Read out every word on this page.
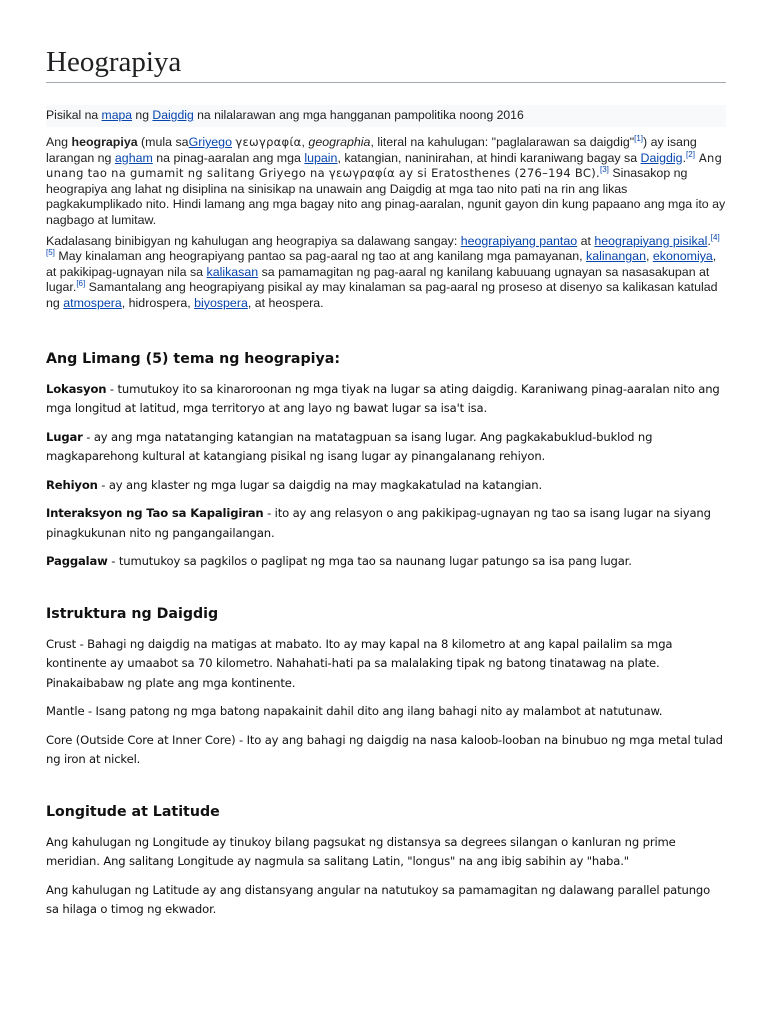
Heograpiya
Pisikal na mapa ng Daigdig na nilalarawan ang mga hangganan pampolitika noong 2016

Ang heograpiya (mula saGriyego γεωγραφία, geographia, literal na kahulugan: "paglalarawan sa daigdig"[1]) ay isang larangan ng agham na pinag-aaralan ang mga lupain, katangian, naninirahan, at hindi karaniwang bagay sa Daigdig.[2] Ang unang tao na gumamit ng salitang Griyego na γεωγραφία ay si Eratosthenes (276–194 BC).[3] Sinasakop ng heograpiya ang lahat ng disiplina na sinisikap na unawain ang Daigdig at mga tao nito pati na rin ang likas pagkakumplikado nito. Hindi lamang ang mga bagay nito ang pinag-aaralan, ngunit gayon din kung papaano ang mga ito ay nagbago at lumitaw.

Kadalasang binibigyan ng kahulugan ang heograpiya sa dalawang sangay: heograpiyang pantao at heograpiyang pisikal.[4][5] May kinalaman ang heograpiyang pantao sa pag-aaral ng tao at ang kanilang mga pamayanan, kalinangan, ekonomiya, at pakikipag-ugnayan nila sa kalikasan sa pamamagitan ng pag-aaral ng kanilang kabuuang ugnayan sa nasasakupan at lugar.[6] Samantalang ang heograpiyang pisikal ay may kinalaman sa pag-aaral ng proseso at disenyo sa kalikasan katulad ng atmospera, hidrospera, biyospera, at heospera.

Ang Limang (5) tema ng heograpiya:

Lokasyon - tumutukoy ito sa kinaroroonan ng mga tiyak na lugar sa ating daigdig. Karaniwang pinag-aaralan nito ang mga longitud at latitud, mga territoryo at ang layo ng bawat lugar sa isa't isa.

Lugar - ay ang mga natatanging katangian na matatagpuan sa isang lugar. Ang pagkakabuklud-buklod ng magkaparehong kultural at katangiang pisikal ng isang lugar ay pinangalanang rehiyon.

Rehiyon - ay ang klaster ng mga lugar sa daigdig na may magkakatulad na katangian.

Interaksyon ng Tao sa Kapaligiran - ito ay ang relasyon o ang pakikipag-ugnayan ng tao sa isang lugar na siyang pinagkukunan nito ng pangangailangan.

Paggalaw - tumutukoy sa pagkilos o paglipat ng mga tao sa naunang lugar patungo sa isa pang lugar.

Istruktura ng Daigdig

Crust - Bahagi ng daigdig na matigas at mabato. Ito ay may kapal na 8 kilometro at ang kapal pailalim sa mga kontinente ay umaabot sa 70 kilometro. Nahahati-hati pa sa malalaking tipak ng batong tinatawag na plate. Pinakaibabaw ng plate ang mga kontinente.

Mantle - Isang patong ng mga batong napakainit dahil dito ang ilang bahagi nito ay malambot at natutunaw.

Core (Outside Core at Inner Core) - Ito ay ang bahagi ng daigdig na nasa kaloob-looban na binubuo ng mga metal tulad ng iron at nickel.

Longitude at Latitude

Ang kahulugan ng Longitude ay tinukoy bilang pagsukat ng distansya sa degrees silangan o kanluran ng prime meridian. Ang salitang Longitude ay nagmula sa salitang Latin, "longus" na ang ibig sabihin ay "haba."

Ang kahulugan ng Latitude ay ang distansyang angular na natutukoy sa pamamagitan ng dalawang parallel patungo sa hilaga o timog ng ekwador.
